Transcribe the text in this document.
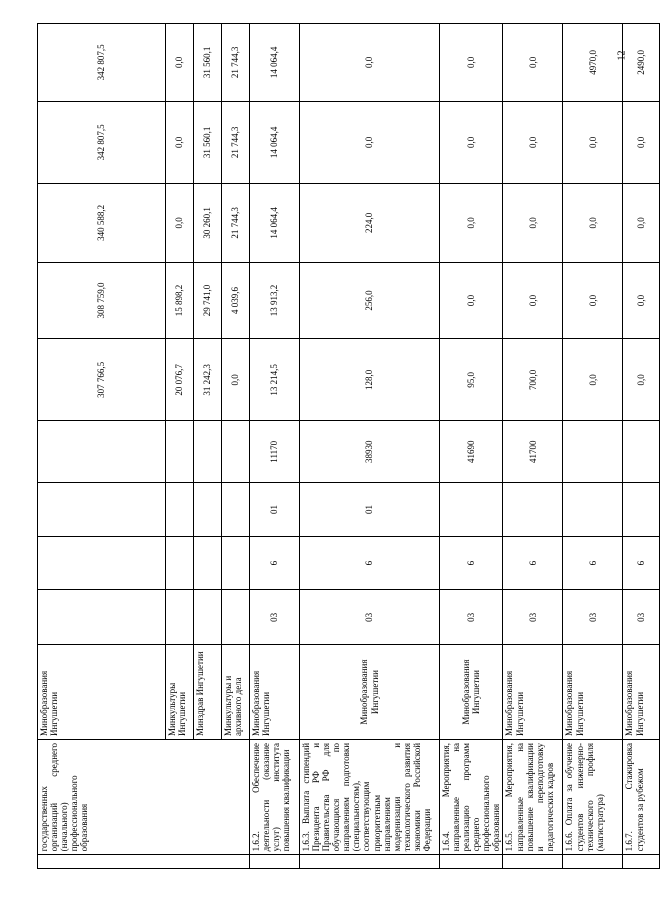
12
	государственных организаций среднего (начального) профессионального образования	Минобразования Ингушетии					307 766,5	308 759,0	340 588,2	342 807,5	342 807,5
		Минкультуры Ингушетии					20 076,7	15 898,2	0,0	0,0	0,0
		Минздрав Ингушетии					31 242,3	29 741,0	30 260,1	31 560,1	31 560,1
		Минкультуры и архивного дела					0,0	4 039,6	21 744,3	21 744,3	21 744,3
	1.6.2. Обеспечение деятельности (оказание услуг) института повышения квалификации	Минобразования Ингушетии	03	6	01	11170	13 214,5	13 913,2	14 064,4	14 064,4	14 064,4
	1.6.3. Выплата стипендий Президента РФ и Правительства РФ для обучающихся по направлениям подготовки (специальностям), соответствующим приоритетным направлениям модернизации и технологического развития экономики Российской Федерации	Минобразования Ингушетии	03	6	01	38930	128,0	256,0	224,0	0,0	0,0
	1.6.4. Мероприятия, направленные на реализацию программ среднего профессионального образования	Минобразования Ингушетии	03	6		41690	95,0	0,0	0,0	0,0	0,0
	1.6.5. Мероприятия, направленные на повышение квалификации и переподготовку педагогических кадров	Минобразования Ингушетии	03	6		41700	700,0	0,0	0,0	0,0	0,0
	1.6.6. Оплата за обучение студентов инженерно-технического профиля (магистратура)	Минобразования Ингушетии	03	6			0,0	0,0	0,0	0,0	4970,0
	1.6.7. Стажировка студентов за рубежом	Минобразования Ингушетии	03	6			0,0	0,0	0,0	0,0	2490,0
